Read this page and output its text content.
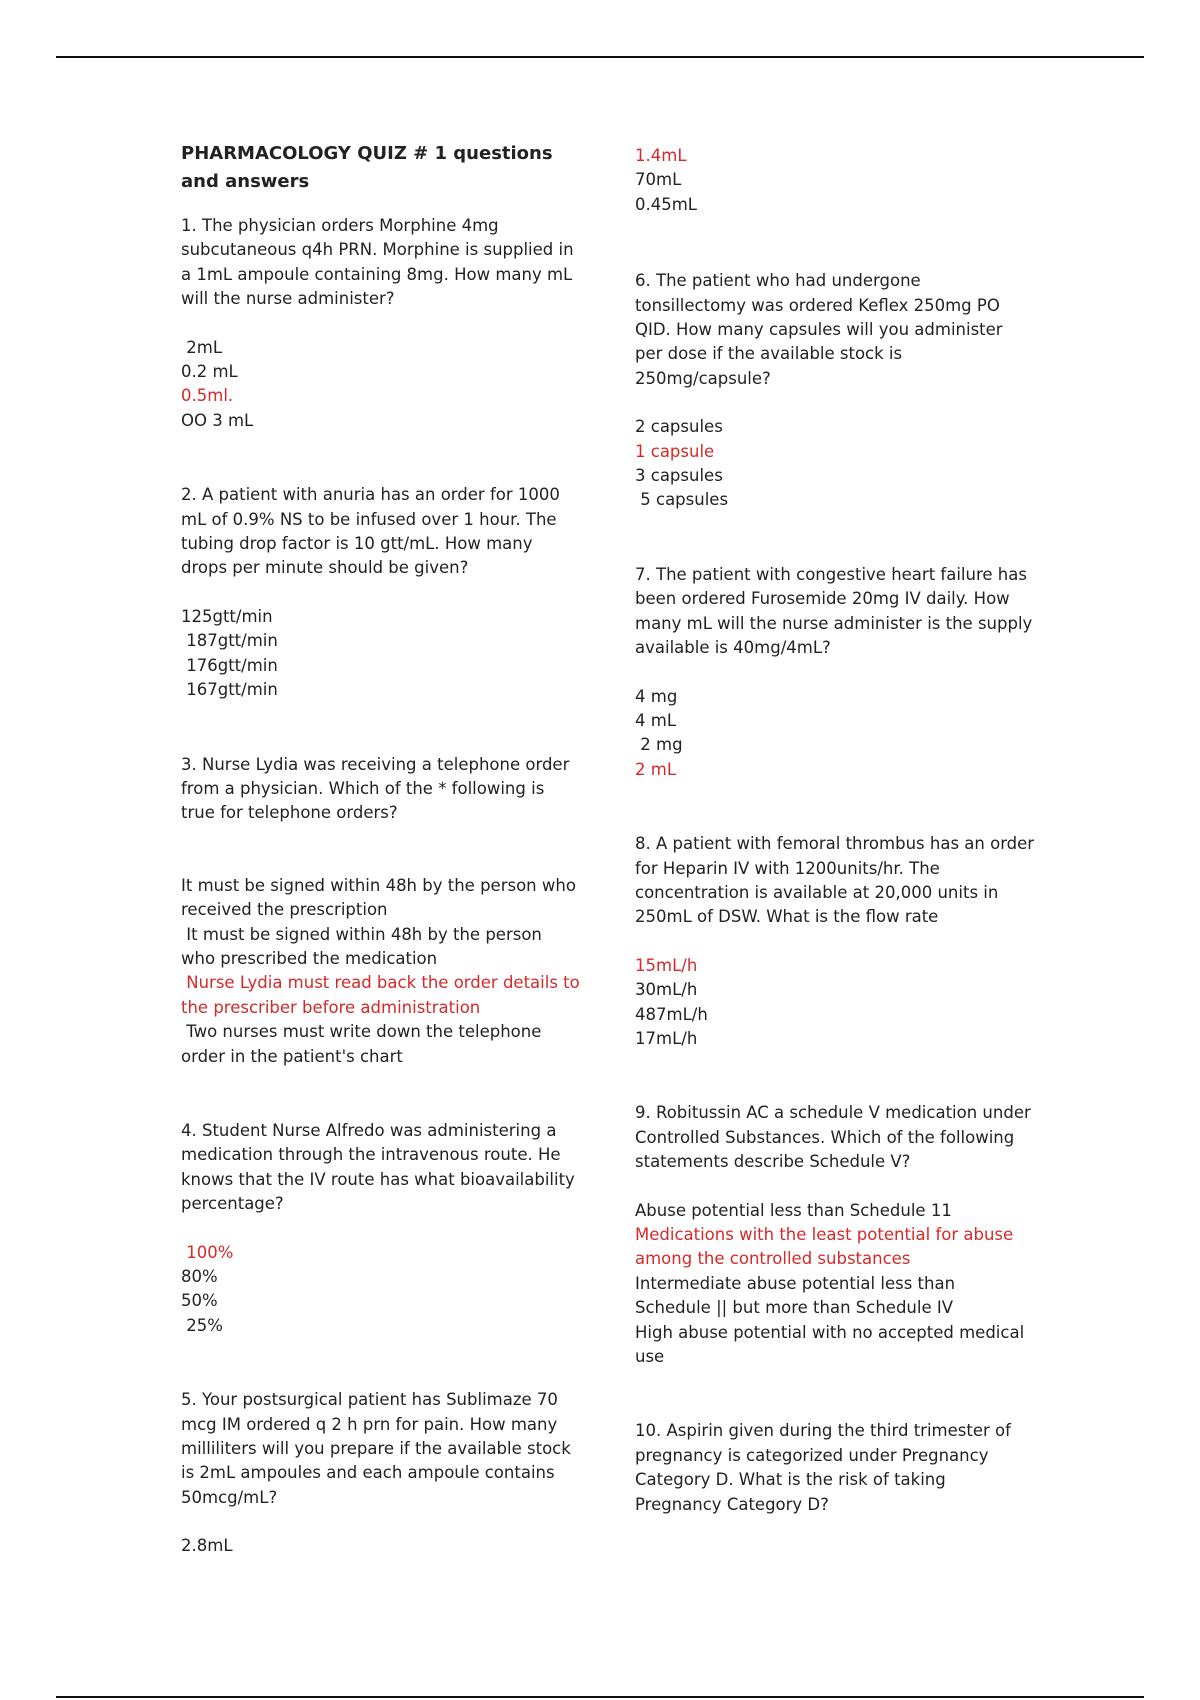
PHARMACOLOGY QUIZ # 1 questions and answers

1. The physician orders Morphine 4mg subcutaneous q4h PRN. Morphine is supplied in a 1mL ampoule containing 8mg. How many mL will the nurse administer?

2mL
0.2 mL
0.5ml.
OO 3 mL

2. A patient with anuria has an order for 1000 mL of 0.9% NS to be infused over 1 hour. The tubing drop factor is 10 gtt/mL. How many drops per minute should be given?

125gtt/min
187gtt/min
176gtt/min
167gtt/min

3. Nurse Lydia was receiving a telephone order from a physician. Which of the * following is true for telephone orders?

It must be signed within 48h by the person who received the prescription
It must be signed within 48h by the person who prescribed the medication
Nurse Lydia must read back the order details to the prescriber before administration
Two nurses must write down the telephone order in the patient's chart

4. Student Nurse Alfredo was administering a medication through the intravenous route. He knows that the IV route has what bioavailability percentage?

100%
80%
50%
25%

5. Your postsurgical patient has Sublimaze 70 mcg IM ordered q 2 h prn for pain. How many milliliters will you prepare if the available stock is 2mL ampoules and each ampoule contains 50mcg/mL?

2.8mL
1.4mL
70mL
0.45mL

6. The patient who had undergone tonsillectomy was ordered Keflex 250mg PO QID. How many capsules will you administer per dose if the available stock is 250mg/capsule?

2 capsules
1 capsule
3 capsules
5 capsules

7. The patient with congestive heart failure has been ordered Furosemide 20mg IV daily. How many mL will the nurse administer is the supply available is 40mg/4mL?

4 mg
4 mL
2 mg
2 mL

8. A patient with femoral thrombus has an order for Heparin IV with 1200units/hr. The concentration is available at 20,000 units in 250mL of DSW. What is the flow rate

15mL/h
30mL/h
487mL/h
17mL/h

9. Robitussin AC a schedule V medication under Controlled Substances. Which of the following statements describe Schedule V?

Abuse potential less than Schedule 11
Medications with the least potential for abuse among the controlled substances
Intermediate abuse potential less than Schedule || but more than Schedule IV
High abuse potential with no accepted medical use

10. Aspirin given during the third trimester of pregnancy is categorized under Pregnancy Category D. What is the risk of taking Pregnancy Category D?
